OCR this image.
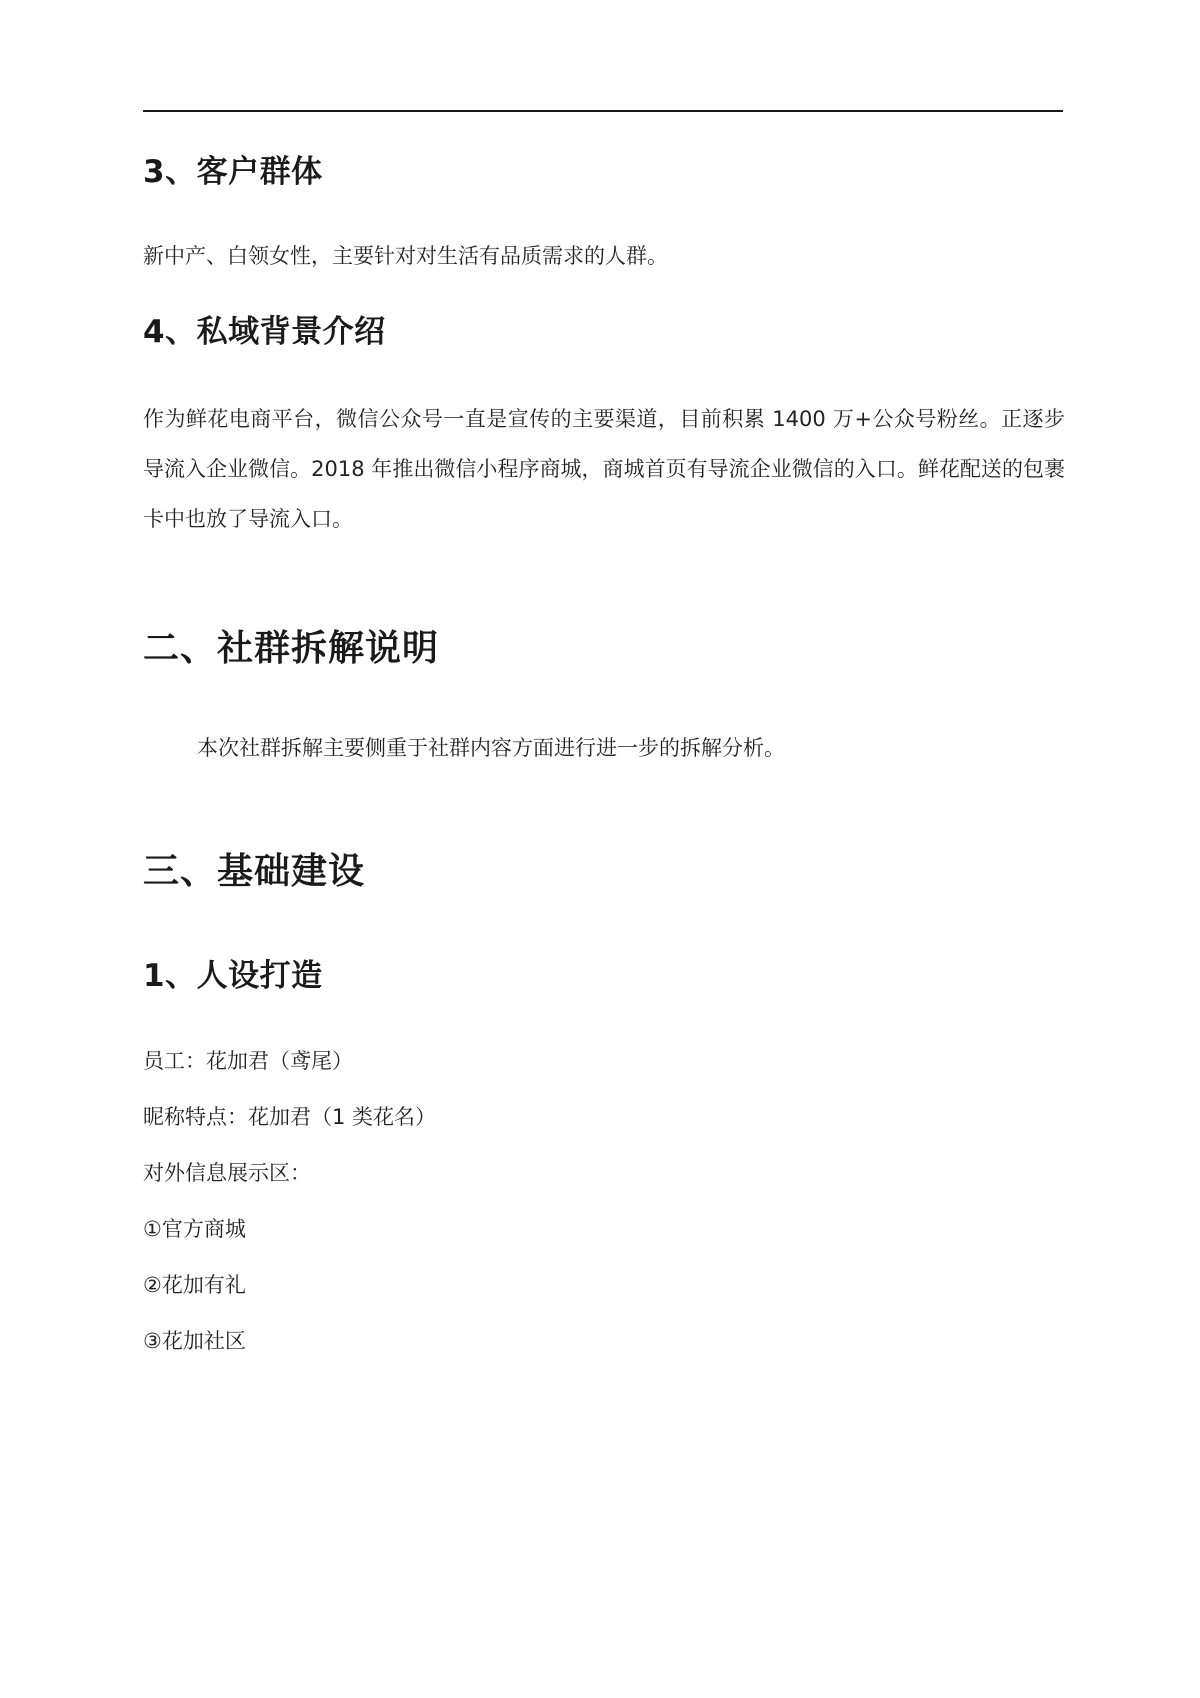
3、客户群体

新中产、白领女性，主要针对对生活有品质需求的人群。

4、私域背景介绍

作为鲜花电商平台，微信公众号一直是宣传的主要渠道，目前积累 1400 万+公众号粉丝。正逐步导流入企业微信。2018 年推出微信小程序商城，商城首页有导流企业微信的入口。鲜花配送的包裹卡中也放了导流入口。

二、社群拆解说明

本次社群拆解主要侧重于社群内容方面进行进一步的拆解分析。

三、基础建设
1、人设打造

员工：花加君（鸢尾）

昵称特点：花加君（1 类花名）

对外信息展示区：

①官方商城

②花加有礼

③花加社区
